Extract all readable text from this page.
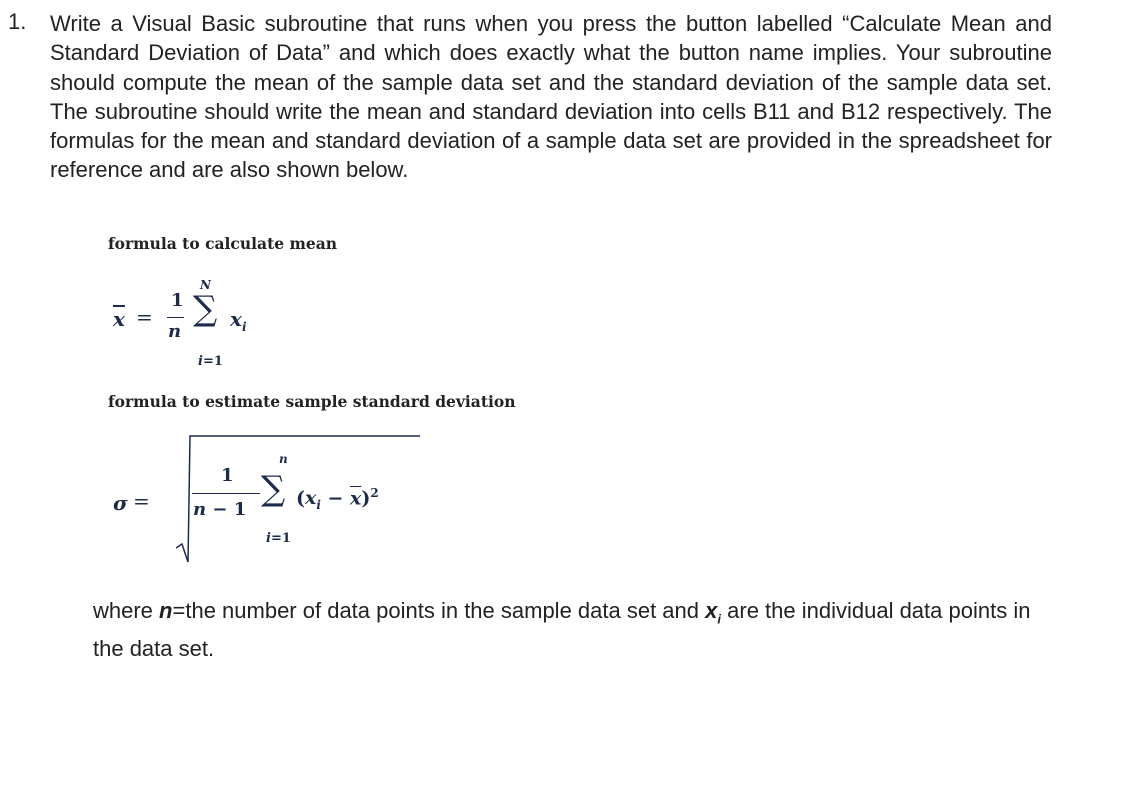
1. Write a Visual Basic subroutine that runs when you press the button labelled “Calculate Mean and Standard Deviation of Data” and which does exactly what the button name implies. Your subroutine should compute the mean of the sample data set and the standard deviation of the sample data set. The subroutine should write the mean and standard deviation into cells B11 and B12 respectively. The formulas for the mean and standard deviation of a sample data set are provided in the spreadsheet for reference and are also shown below.
formula to calculate mean
$\overline{x}$ =
1
n
N
∑ $x_i$
i=1
formula to estimate sample standard deviation
σ =
1
n − 1
n
∑ $(x_i - \overline{x})^2$
i=1
where n=the number of data points in the sample data set and $x_i$ are the individual data points in the data set.
